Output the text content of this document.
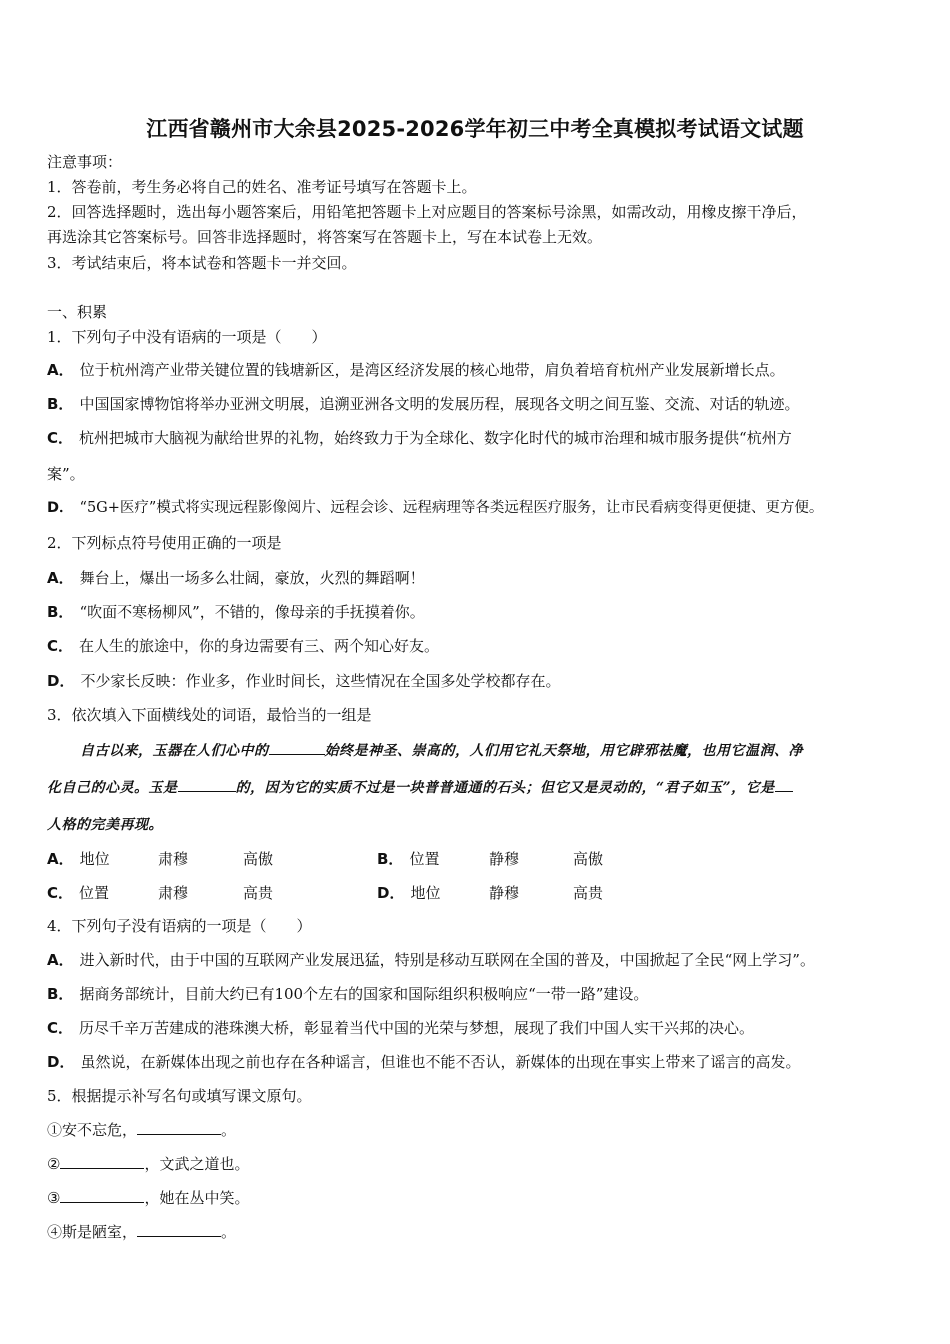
江西省赣州市大余县2025-2026学年初三中考全真模拟考试语文试题
注意事项：
1．答卷前，考生务必将自己的姓名、准考证号填写在答题卡上。
2．回答选择题时，选出每小题答案后，用铅笔把答题卡上对应题目的答案标号涂黑，如需改动，用橡皮擦干净后，
再选涂其它答案标号。回答非选择题时，将答案写在答题卡上，写在本试卷上无效。
3．考试结束后，将本试卷和答题卡一并交回。
一、积累
1．下列句子中没有语病的一项是（　　）
A． 位于杭州湾产业带关键位置的钱塘新区，是湾区经济发展的核心地带，肩负着培育杭州产业发展新增长点。
B． 中国国家博物馆将举办亚洲文明展，追溯亚洲各文明的发展历程，展现各文明之间互鉴、交流、对话的轨迹。
C． 杭州把城市大脑视为献给世界的礼物，始终致力于为全球化、数字化时代的城市治理和城市服务提供“杭州方
案”。
D． “5G+医疗”模式将实现远程影像阅片、远程会诊、远程病理等各类远程医疗服务，让市民看病变得更便捷、更方便。
2．下列标点符号使用正确的一项是
A． 舞台上，爆出一场多么壮阔，豪放，火烈的舞蹈啊！
B． “吹面不寒杨柳风”，不错的，像母亲的手抚摸着你。
C． 在人生的旅途中，你的身边需要有三、两个知心好友。
D． 不少家长反映：作业多，作业时间长，这些情况在全国多处学校都存在。
3．依次填入下面横线处的词语，最恰当的一组是
自古以来，玉器在人们心中的	始终是神圣、崇高的，人们用它礼天祭地，用它辟邪祛魔，也用它温润、净
化自己的心灵。玉是	的，因为它的实质不过是一块普普通通的石头；但它又是灵动的，“君子如玉”，它是
人格的完美再现。
A． 地位	肃穆	高傲	B． 位置	静穆	高傲
C． 位置	肃穆	高贵	D． 地位	静穆	高贵
4．下列句子没有语病的一项是（　　）
A． 进入新时代，由于中国的互联网产业发展迅猛，特别是移动互联网在全国的普及，中国掀起了全民“网上学习”。
B． 据商务部统计，目前大约已有100个左右的国家和国际组织积极响应“一带一路”建设。
C． 历尽千辛万苦建成的港珠澳大桥，彰显着当代中国的光荣与梦想，展现了我们中国人实干兴邦的决心。
D． 虽然说，在新媒体出现之前也存在各种谣言，但谁也不能不否认，新媒体的出现在事实上带来了谣言的高发。
5．根据提示补写名句或填写课文原句。
①安不忘危，	。
②	，文武之道也。
③	，她在丛中笑。
④斯是陋室，	。
